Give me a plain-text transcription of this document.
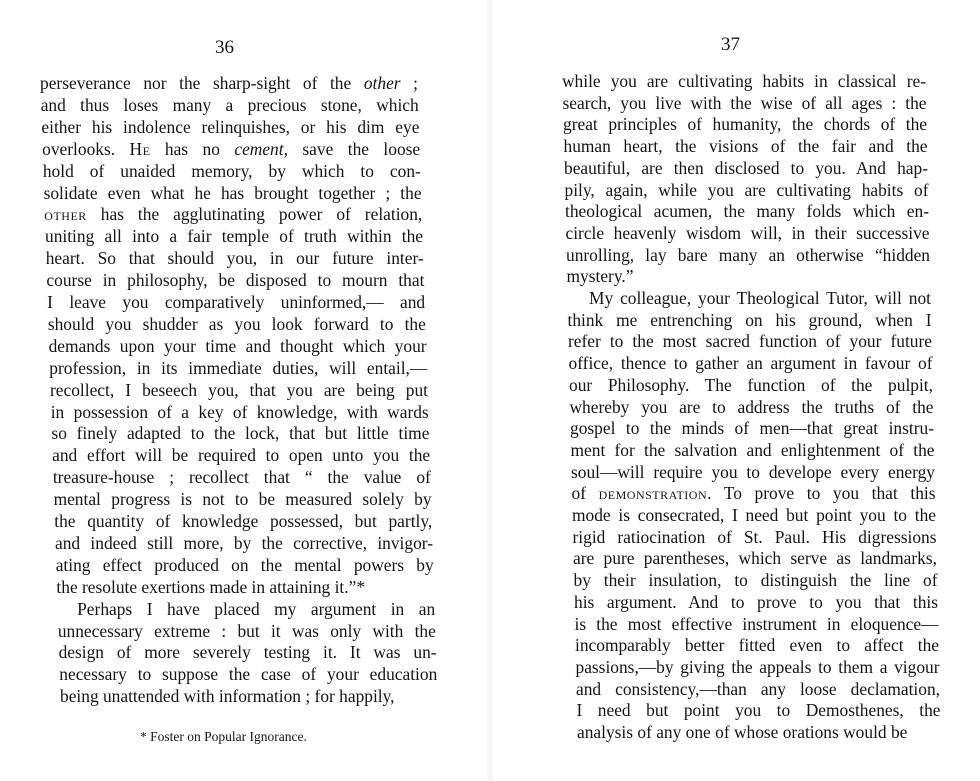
36
* Foster on Popular Ignorance.
perseverance nor the sharp-sight of the other ;
and thus loses many a precious stone, which
either his indolence relinquishes, or his dim eye
overlooks. He has no cement, save the loose
hold of unaided memory, by which to con-
solidate even what he has brought together ; the
other has the agglutinating power of relation,
uniting all into a fair temple of truth within the
heart. So that should you, in our future inter-
course in philosophy, be disposed to mourn that
I leave you comparatively uninformed,— and
should you shudder as you look forward to the
demands upon your time and thought which your
profession, in its immediate duties, will entail,—
recollect, I beseech you, that you are being put
in possession of a key of knowledge, with wards
so finely adapted to the lock, that but little time
and effort will be required to open unto you the
treasure-house ; recollect that “ the value of
mental progress is not to be measured solely by
the quantity of knowledge possessed, but partly,
and indeed still more, by the corrective, invigor-
ating effect produced on the mental powers by
the resolute exertions made in attaining it.”*
Perhaps I have placed my argument in an
unnecessary extreme : but it was only with the
design of more severely testing it. It was un-
necessary to suppose the case of your education
being unattended with information ; for happily,
37
while you are cultivating habits in classical re-
search, you live with the wise of all ages : the
great principles of humanity, the chords of the
human heart, the visions of the fair and the
beautiful, are then disclosed to you. And hap-
pily, again, while you are cultivating habits of
theological acumen, the many folds which en-
circle heavenly wisdom will, in their successive
unrolling, lay bare many an otherwise “hidden
mystery.”
My colleague, your Theological Tutor, will not
think me entrenching on his ground, when I
refer to the most sacred function of your future
office, thence to gather an argument in favour of
our Philosophy. The function of the pulpit,
whereby you are to address the truths of the
gospel to the minds of men—that great instru-
ment for the salvation and enlightenment of the
soul—will require you to develope every energy
of demonstration. To prove to you that this
mode is consecrated, I need but point you to the
rigid ratiocination of St. Paul. His digressions
are pure parentheses, which serve as landmarks,
by their insulation, to distinguish the line of
his argument. And to prove to you that this
is the most effective instrument in eloquence—
incomparably better fitted even to affect the
passions,—by giving the appeals to them a vigour
and consistency,—than any loose declamation,
I need but point you to Demosthenes, the
analysis of any one of whose orations would be
